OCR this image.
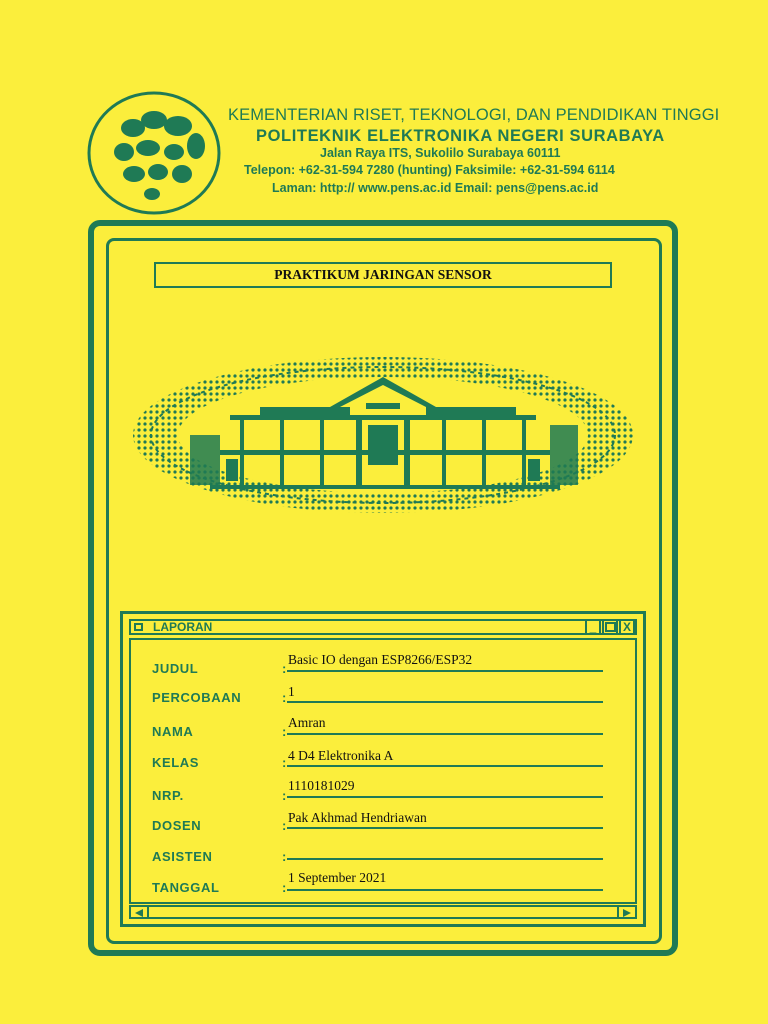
KEMENTERIAN RISET, TEKNOLOGI, DAN PENDIDIKAN TINGGI
POLITEKNIK ELEKTRONIKA NEGERI SURABAYA
Jalan Raya ITS, Sukolilo Surabaya 60111
Telepon: +62-31-594 7280 (hunting) Faksimile: +62-31-594 6114
Laman: http:// www.pens.ac.id Email: pens@pens.ac.id
PRAKTIKUM JARINGAN SENSOR
LAPORAN	_	X
JUDUL	:
Basic IO dengan ESP8266/ESP32
PERCOBAAN	: 1
NAMA	:
Amran
KELAS	: 4 D4 Elektronika A
NRP.	:
1110181029
DOSEN	:
Pak Akhmad Hendriawan
ASISTEN	:
TANGGAL	:
1 September 2021
